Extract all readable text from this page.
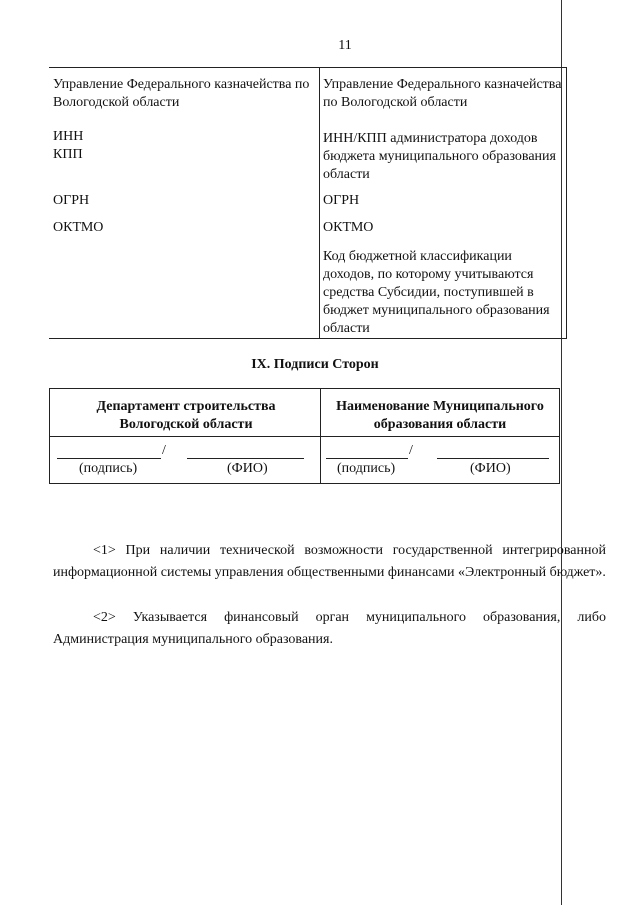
11
Управление Федерального казначейства по Вологодской области
ИНН
КПП
ОГРН
ОКТМО
Управление Федерального казначейства по Вологодской области
ИНН/КПП администратора доходов бюджета муниципального образования области
ОГРН
ОКТМО
Код бюджетной классификации доходов, по которому учитываются средства Субсидии, поступившей в бюджет муниципального образования области
IX. Подписи Сторон
Департамент строительства Вологодской области
Наименование Муниципального образования области
/
(подпись)	(ФИО)
/
(подпись)	(ФИО)
<1> При наличии технической возможности государственной интегрированной информационной системы управления общественными финансами «Электронный бюджет».
<2> Указывается финансовый орган муниципального образования, либо Администрация муниципального образования.
